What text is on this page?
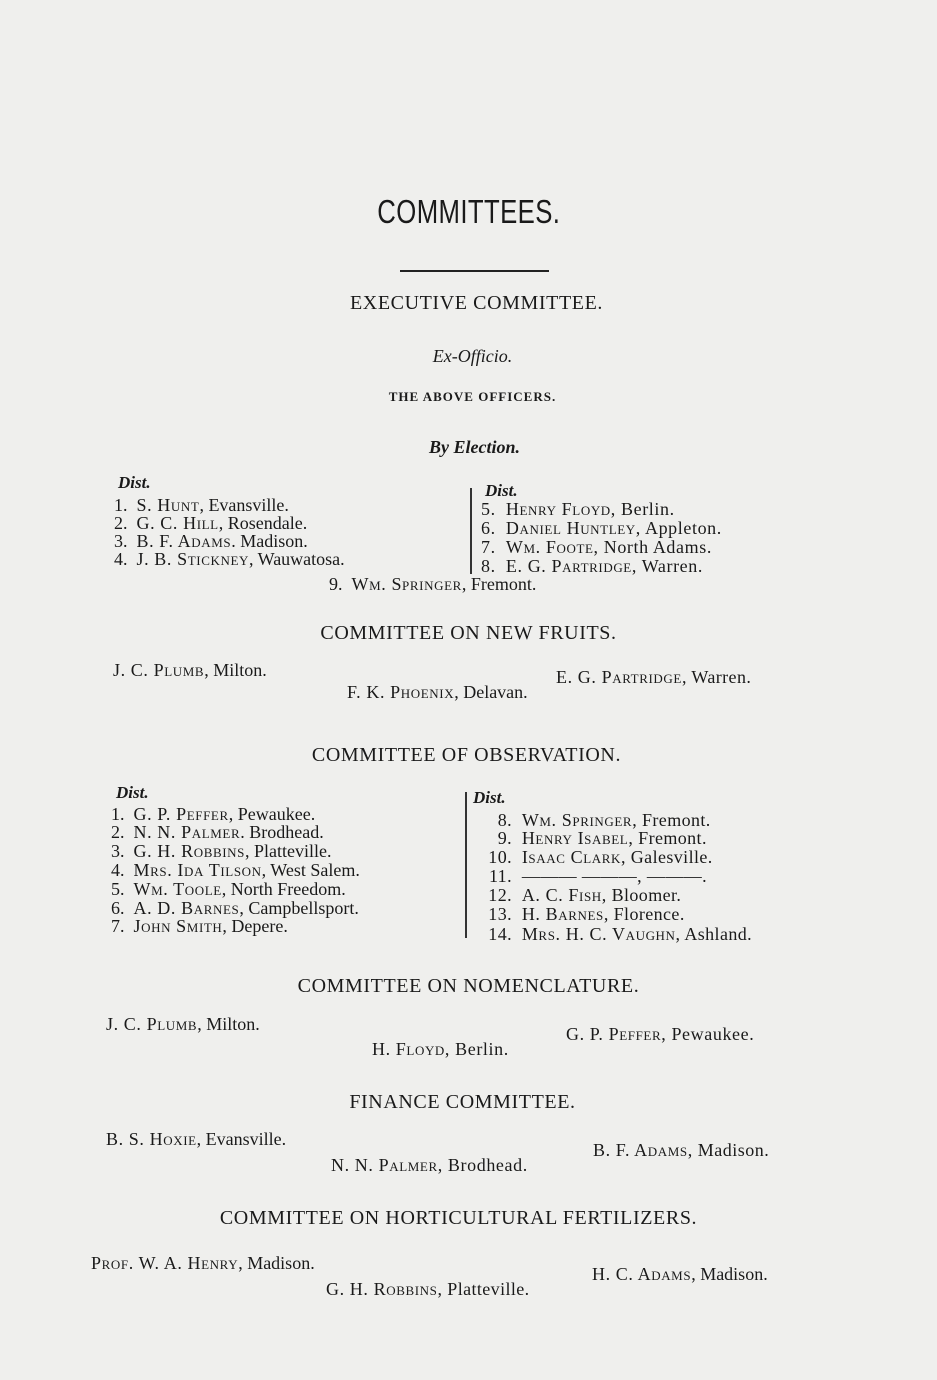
COMMITTEES.
EXECUTIVE COMMITTEE.
Ex-Officio.
THE ABOVE OFFICERS.
By Election.
Dist.	Dist.
1. S. Hunt, Evansville.
2. G. C. Hill, Rosendale.
3. B. F. Adams. Madison.
4. J. B. Stickney, Wauwatosa.
5. Henry Floyd, Berlin.
6. Daniel Huntley, Appleton.
7. Wm. Foote, North Adams.
8. E. G. Partridge, Warren.
9. Wm. Springer, Fremont.
COMMITTEE ON NEW FRUITS.
J. C. Plumb, Milton.	E. G. Partridge, Warren.
F. K. Phoenix, Delavan.
COMMITTEE OF OBSERVATION.
Dist.	Dist.
1. G. P. Peffer, Pewaukee.
2. N. N. Palmer. Brodhead.
3. G. H. Robbins, Platteville.
4. Mrs. Ida Tilson, West Salem.
5. Wm. Toole, North Freedom.
6. A. D. Barnes, Campbellsport.
7. John Smith, Depere.
8. Wm. Springer, Fremont.
9. Henry Isabel, Fremont.
10. Isaac Clark, Galesville.
11. ——— ———, ———.
12. A. C. Fish, Bloomer.
13. H. Barnes, Florence.
14. Mrs. H. C. Vaughn, Ashland.
COMMITTEE ON NOMENCLATURE.
J. C. Plumb, Milton.	G. P. Peffer, Pewaukee.
H. Floyd, Berlin.
FINANCE COMMITTEE.
B. S. Hoxie, Evansville.
B. F. Adams, Madison.
N. N. Palmer, Brodhead.
COMMITTEE ON HORTICULTURAL FERTILIZERS.
Prof. W. A. Henry, Madison.
H. C. Adams, Madison.
G. H. Robbins, Platteville.
